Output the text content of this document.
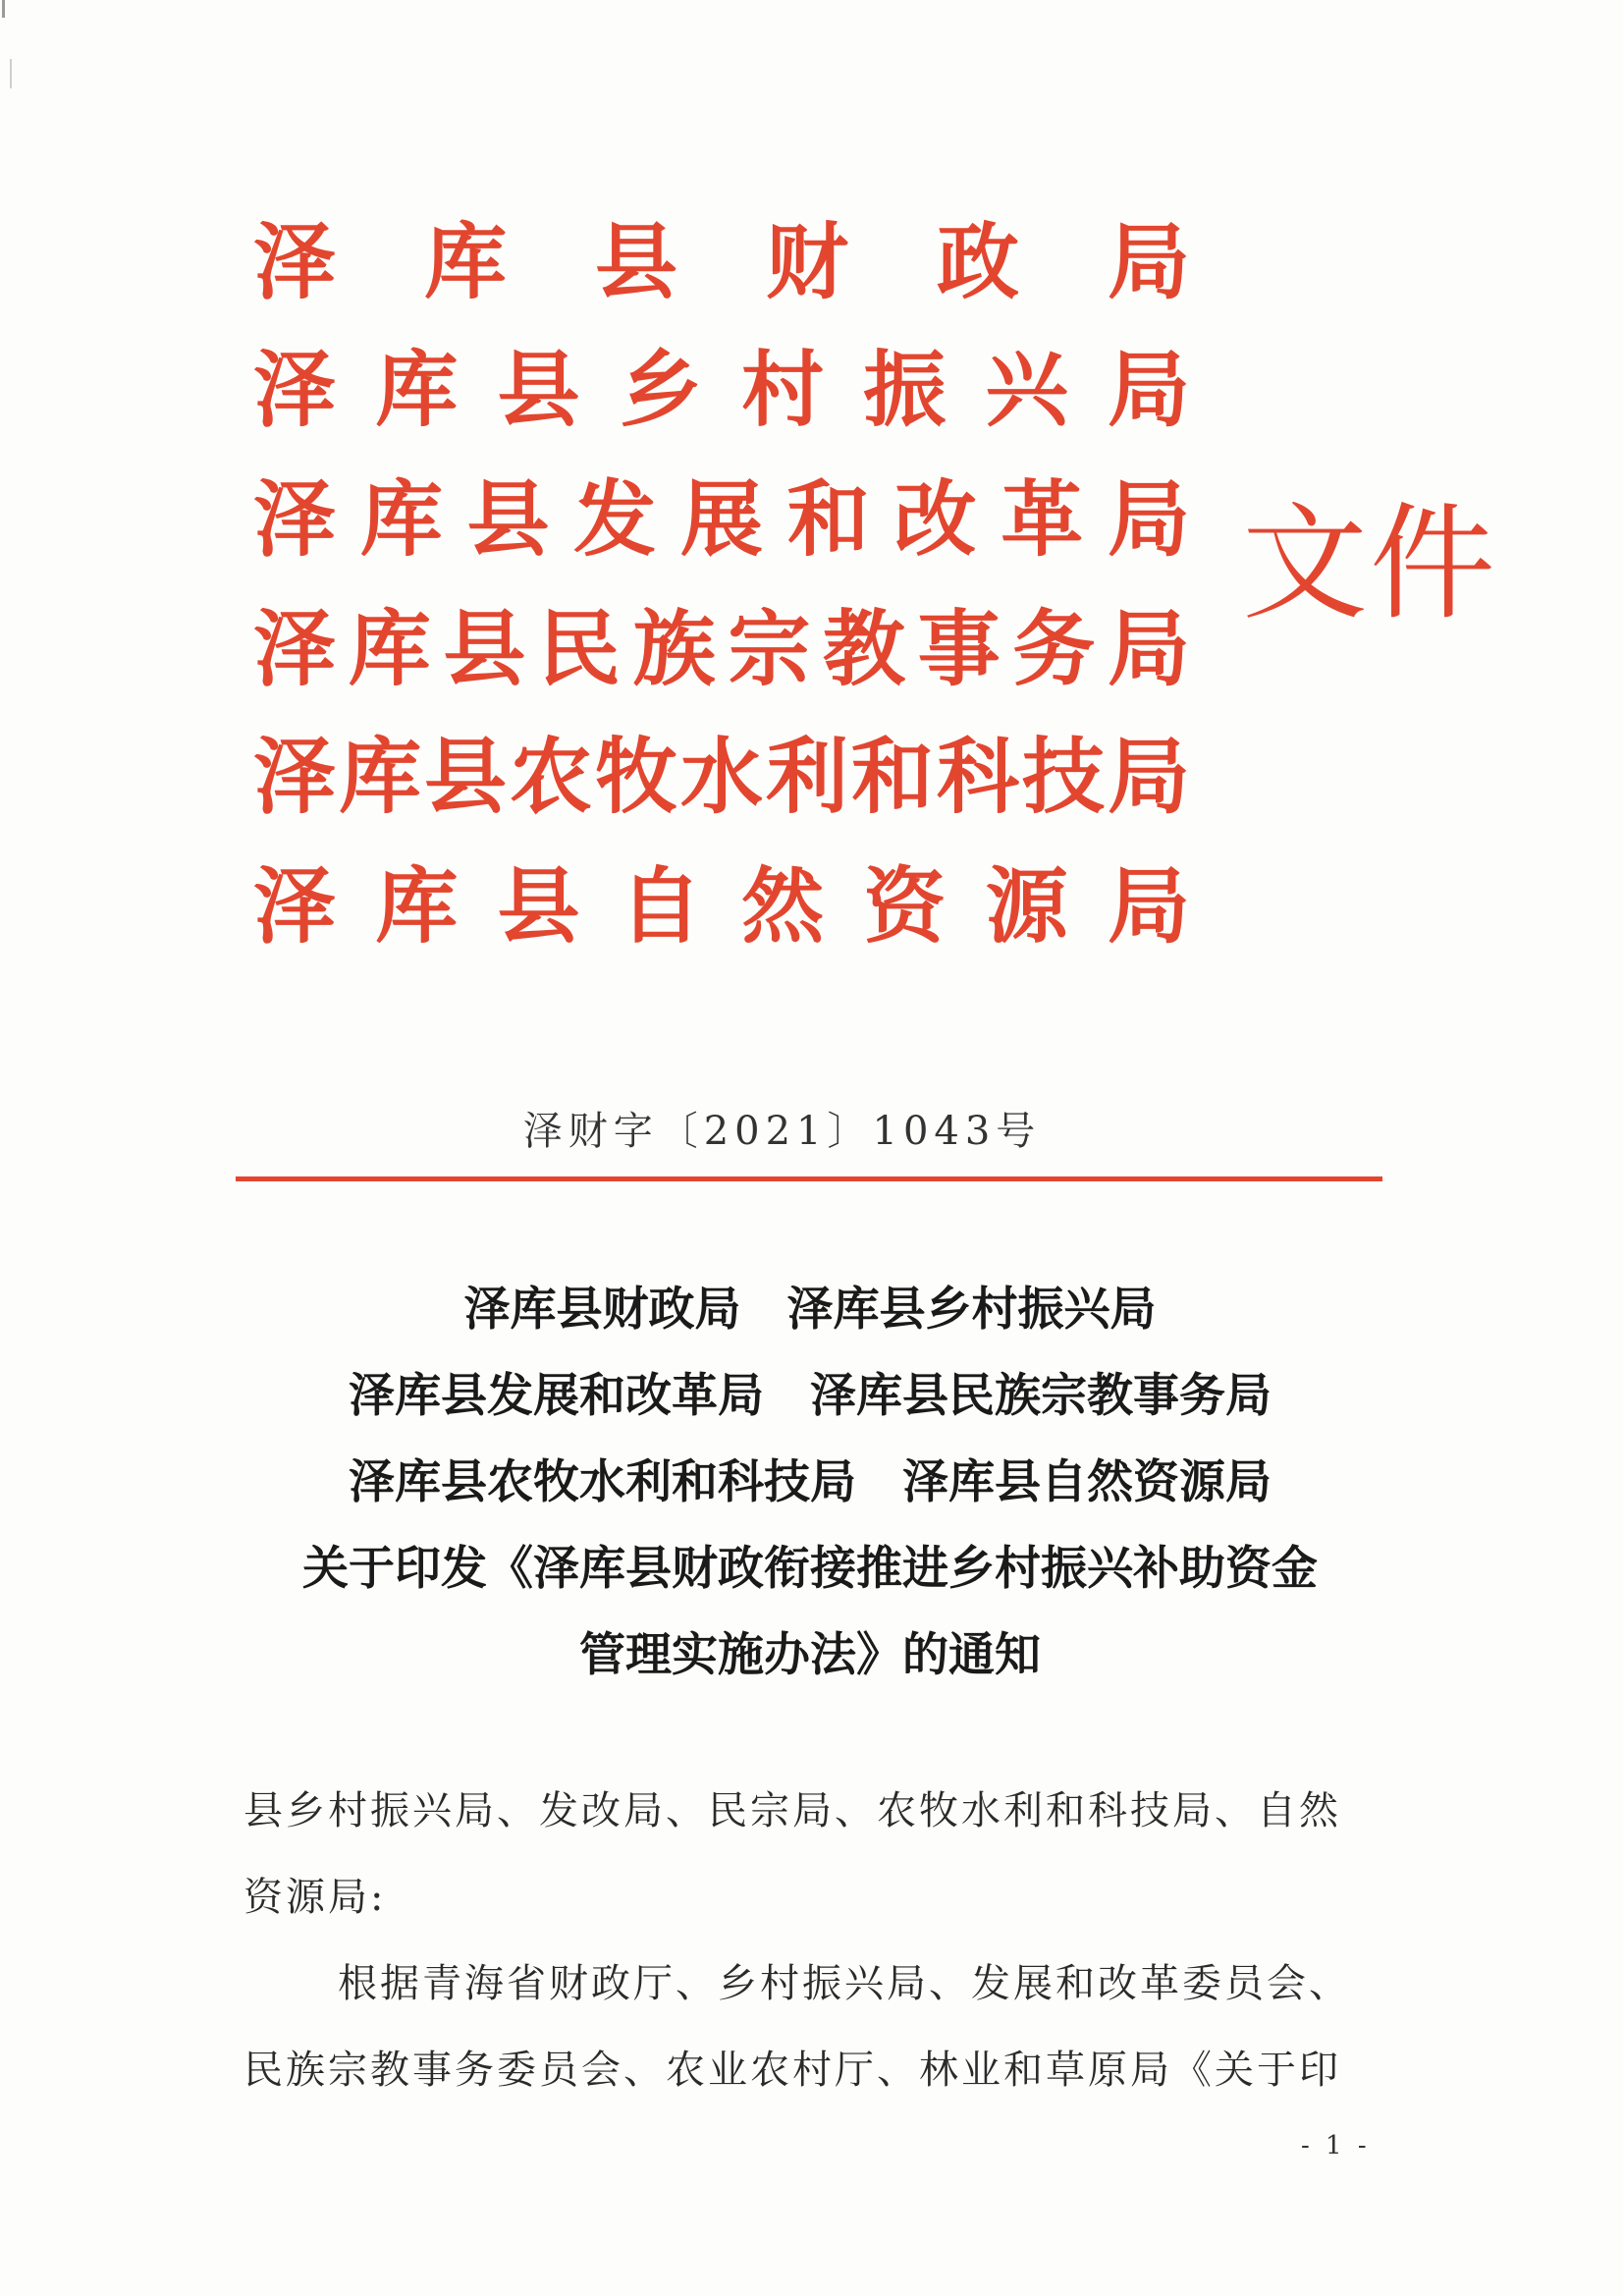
泽 库 县 财 政 局
泽 库 县 乡 村 振 兴 局
泽 库 县 发 展 和 改 革 局
泽 库 县 民 族 宗 教 事 务 局
泽 库 县 农 牧 水 利 和 科 技 局
泽 库 县 自 然 资 源 局
文件
泽财字〔2021〕1043号
泽库县财政局　泽库县乡村振兴局
泽库县发展和改革局　泽库县民族宗教事务局
泽库县农牧水利和科技局　泽库县自然资源局
关于印发《泽库县财政衔接推进乡村振兴补助资金
管理实施办法》的通知
县乡村振兴局、发改局、民宗局、农牧水利和科技局、自然
资源局:
根据青海省财政厅、乡村振兴局、发展和改革委员会、
民族宗教事务委员会、农业农村厅、林业和草原局《关于印
- 1 -
